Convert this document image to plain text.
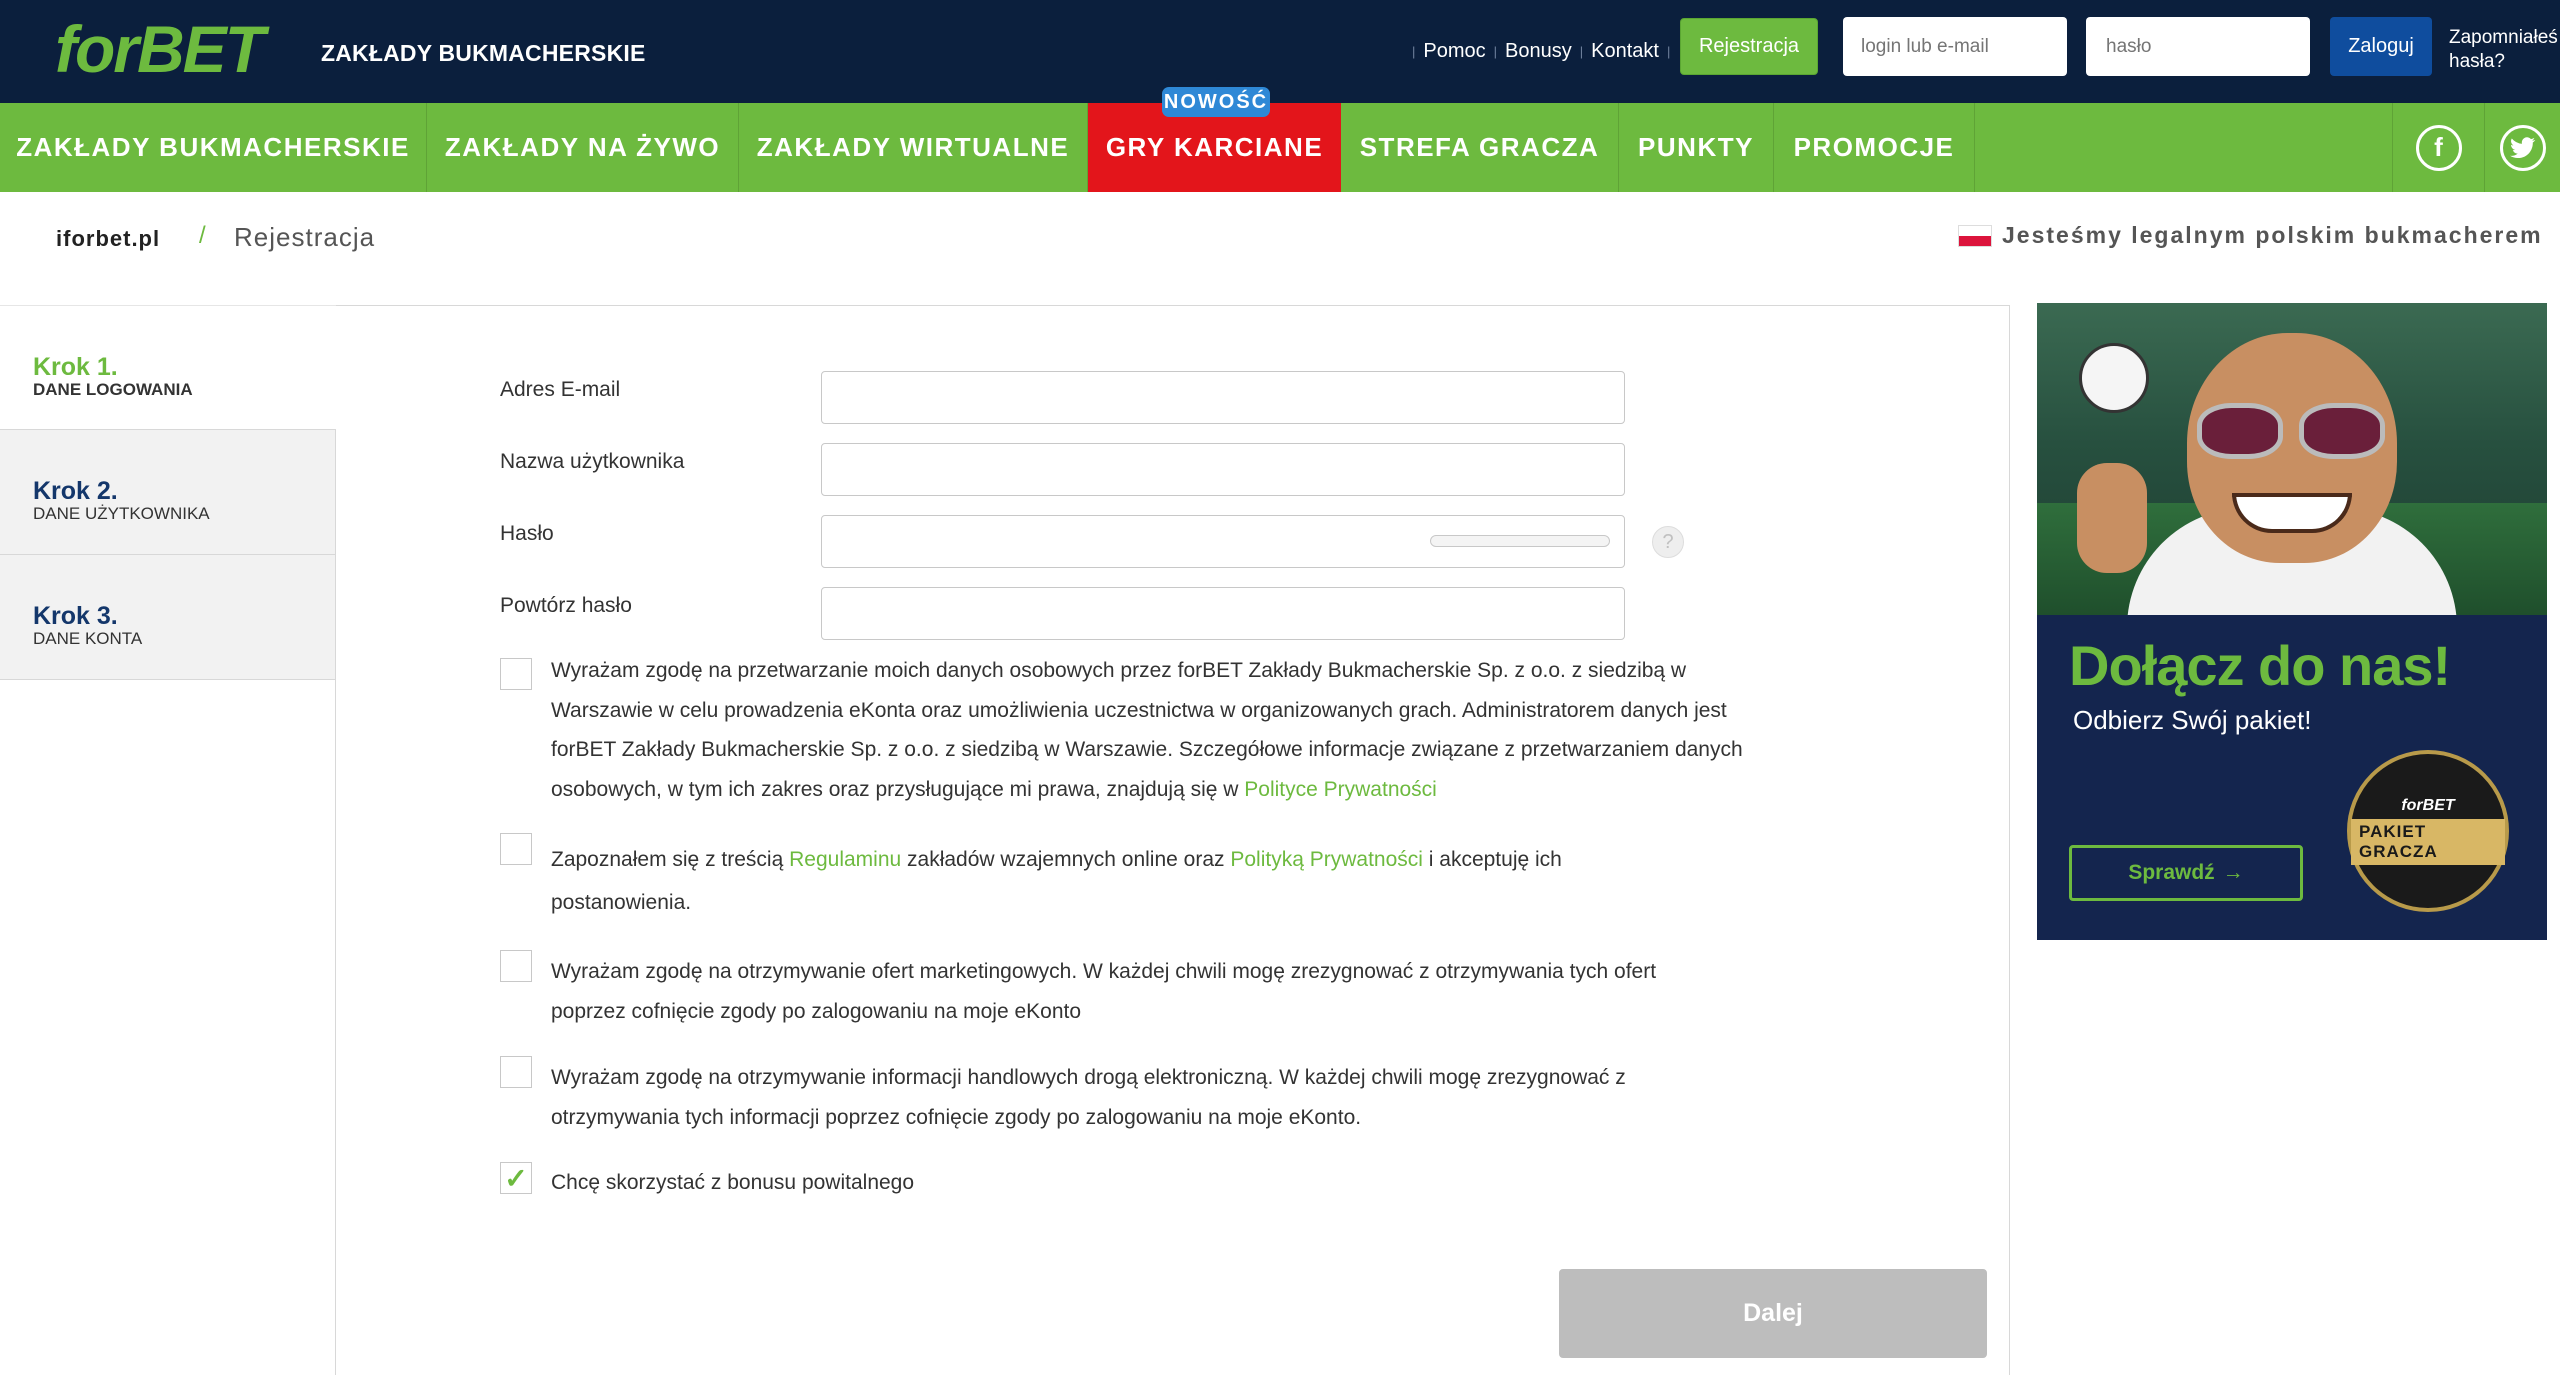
forBET	ZAKŁADY BUKMACHERSKIE	| Pomoc | Bonusy | Kontakt |	Rejestracja
login lub e-mail	Zaloguj	Zapomniałeś
hasła?
ZAKŁADY BUKMACHERSKIE	ZAKŁADY NA ŻYWO	ZAKŁADY WIRTUALNE	GRY KARCIANE	STREFA GRACZA	PUNKTY	PROMOCJE	f
NOWOŚĆ
iforbet.pl / Rejestracja	Jesteśmy legalnym polskim bukmacherem
Krok 1.
DANE LOGOWANIA
Krok 2.
DANE UŻYTKOWNIKA
Krok 3.
DANE KONTA
Adres E-mail
Nazwa użytkownika
Hasło	?
Powtórz hasło
Wyrażam zgodę na przetwarzanie moich danych osobowych przez forBET Zakłady Bukmacherskie Sp. z o.o. z siedzibą w Warszawie w celu prowadzenia eKonta oraz umożliwienia uczestnictwa w organizowanych grach. Administratorem danych jest forBET Zakłady Bukmacherskie Sp. z o.o. z siedzibą w Warszawie. Szczegółowe informacje związane z przetwarzaniem danych osobowych, w tym ich zakres oraz przysługujące mi prawa, znajdują się w Polityce Prywatności
Zapoznałem się z treścią Regulaminu zakładów wzajemnych online oraz Polityką Prywatności i akceptuję ich postanowienia.
Wyrażam zgodę na otrzymywanie ofert marketingowych. W każdej chwili mogę zrezygnować z otrzymywania tych ofert poprzez cofnięcie zgody po zalogowaniu na moje eKonto
Wyrażam zgodę na otrzymywanie informacji handlowych drogą elektroniczną. W każdej chwili mogę zrezygnować z otrzymywania tych informacji poprzez cofnięcie zgody po zalogowaniu na moje eKonto.
✓ Chcę skorzystać z bonusu powitalnego
Dalej
Dołącz do nas!
Odbierz Swój pakiet!
Sprawdź →
forBET
PAKIET GRACZA
